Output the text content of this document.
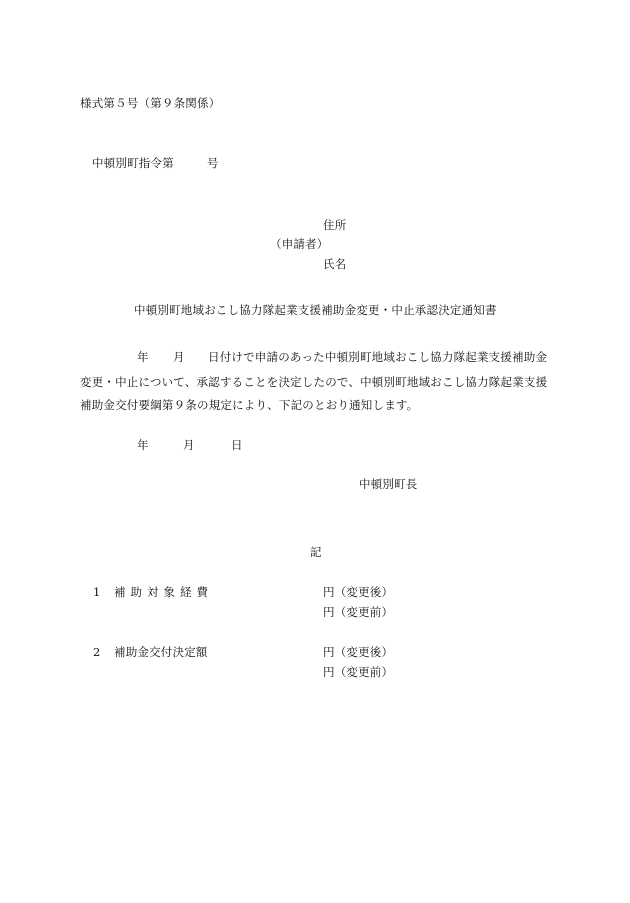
様式第５号（第９条関係）
中頓別町指令第	号
住所
（申請者）
氏名
中頓別町地域おこし協力隊起業支援補助金変更・中止承認決定通知書
年 月 日付けで申請のあった中頓別町地域おこし協力隊起業支援補助金
変更・中止について、承認することを決定したので、中頓別町地域おこし協力隊起業支援
補助金交付要綱第９条の規定により、下記のとおり通知します。
年	月	日
中頓別町長
記
1 補助対象経費	円（変更後）
円（変更前）
2 補助金交付決定額	円（変更後）
円（変更前）
